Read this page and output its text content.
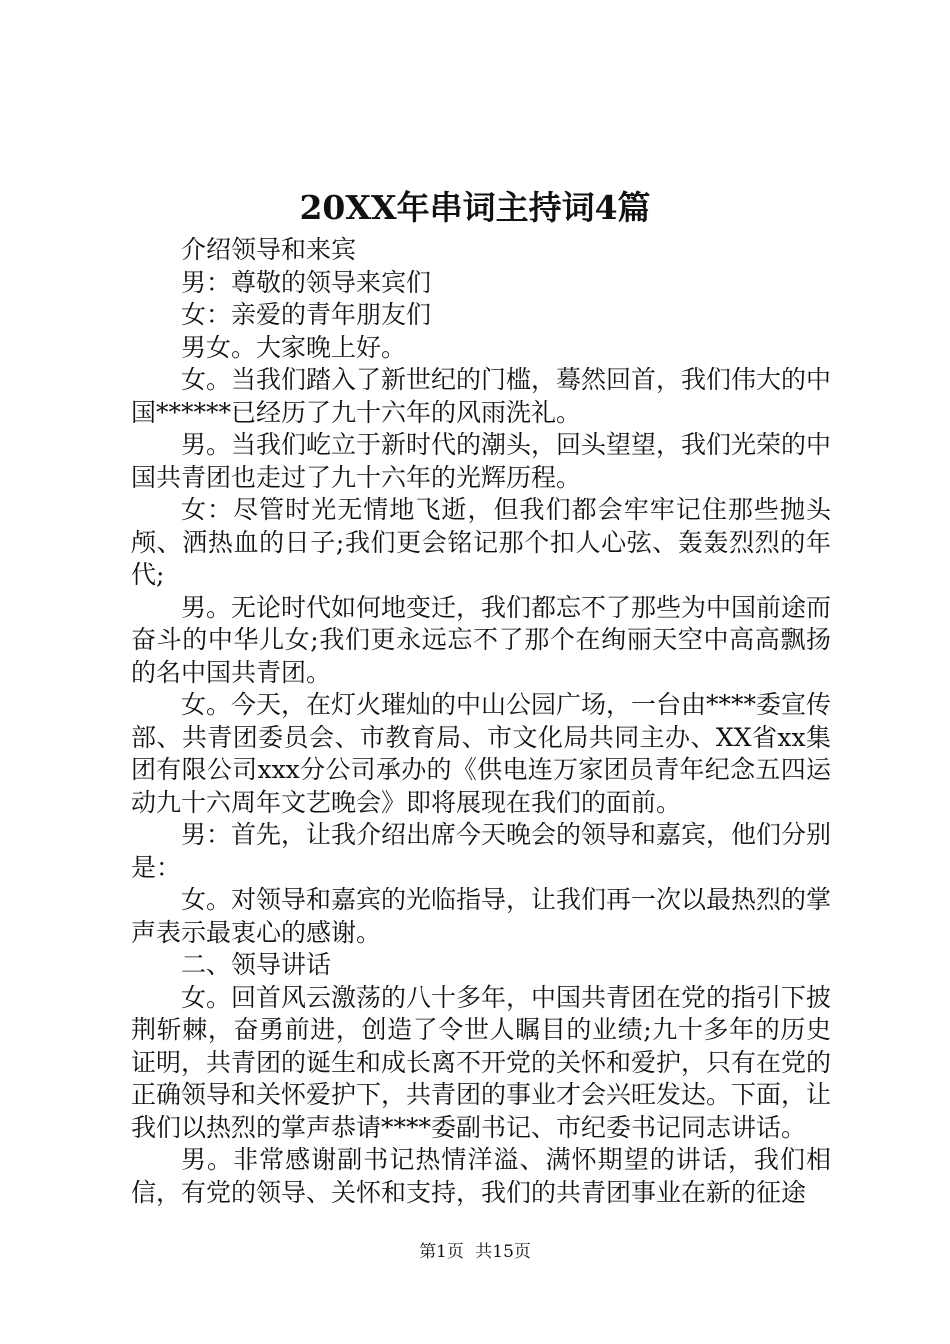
20XX年串词主持词4篇

介绍领导和来宾

男：尊敬的领导来宾们

女：亲爱的青年朋友们

男女。大家晚上好。

女。当我们踏入了新世纪的门槛，蓦然回首，我们伟大的中国******已经历了九十六年的风雨洗礼。

男。当我们屹立于新时代的潮头，回头望望，我们光荣的中国共青团也走过了九十六年的光辉历程。

女：尽管时光无情地飞逝，但我们都会牢牢记住那些抛头颅、洒热血的日子;我们更会铭记那个扣人心弦、轰轰烈烈的年代;

男。无论时代如何地变迁，我们都忘不了那些为中国前途而奋斗的中华儿女;我们更永远忘不了那个在绚丽天空中高高飘扬的名中国共青团。

女。今天，在灯火璀灿的中山公园广场，一台由****委宣传部、共青团委员会、市教育局、市文化局共同主办、XX省xx集团有限公司xxx分公司承办的《供电连万家团员青年纪念五四运动九十六周年文艺晚会》即将展现在我们的面前。

男：首先，让我介绍出席今天晚会的领导和嘉宾，他们分别是：

女。对领导和嘉宾的光临指导，让我们再一次以最热烈的掌声表示最衷心的感谢。

二、领导讲话

女。回首风云激荡的八十多年，中国共青团在党的指引下披荆斩棘，奋勇前进，创造了令世人瞩目的业绩;九十多年的历史证明，共青团的诞生和成长离不开党的关怀和爱护，只有在党的正确领导和关怀爱护下，共青团的事业才会兴旺发达。下面，让我们以热烈的掌声恭请****委副书记、市纪委书记同志讲话。

男。非常感谢副书记热情洋溢、满怀期望的讲话，我们相信，有党的领导、关怀和支持，我们的共青团事业在新的征途

第1页 共15页
